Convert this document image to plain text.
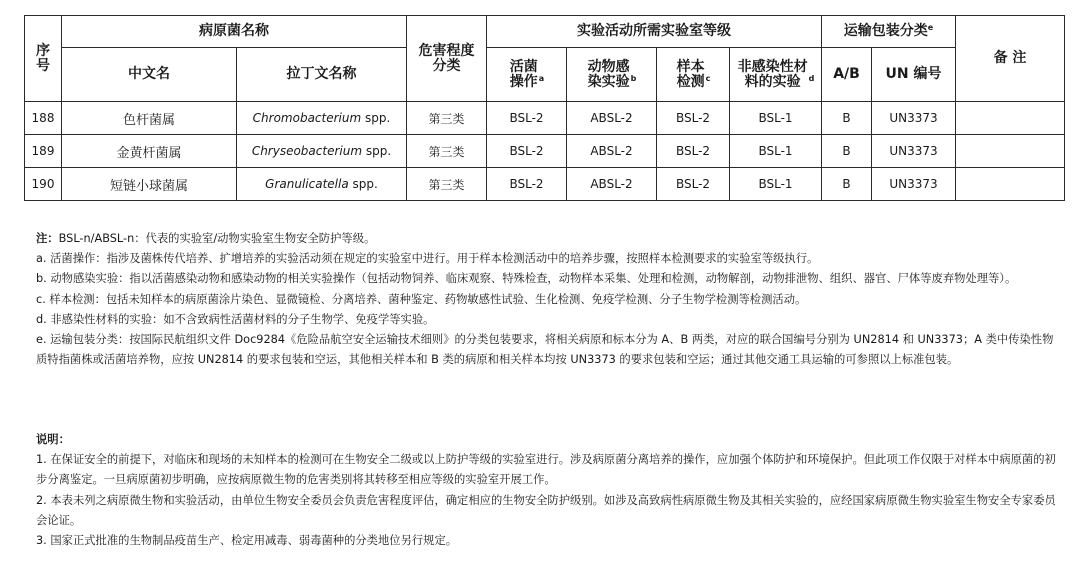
序号	病原菌名称		危害程度分类	实验活动所需实验室等级				运输包装分类$^e$		备 注
	中文名	拉丁文名称		活菌操作$^a$	动物感染实验$^b$	样本检测$^c$	非感染性材料的实验 $^d$	A/B	UN 编号	
188	色杆菌属	Chromobacterium spp.	第三类	BSL-2	ABSL-2	BSL-2	BSL-1	B	UN3373	
189	金黄杆菌属	Chryseobacterium spp.	第三类	BSL-2	ABSL-2	BSL-2	BSL-1	B	UN3373	
190	短链小球菌属	Granulicatella spp.	第三类	BSL-2	ABSL-2	BSL-2	BSL-1	B	UN3373	

注：BSL-n/ABSL-n：代表的实验室/动物实验室生物安全防护等级。

a. 活菌操作：指涉及菌株传代培养、扩增培养的实验活动须在规定的实验室中进行。用于样本检测活动中的培养步骤，按照样本检测要求的实验室等级执行。

b. 动物感染实验：指以活菌感染动物和感染动物的相关实验操作（包括动物饲养、临床观察、特殊检查，动物样本采集、处理和检测，动物解剖，动物排泄物、组织、器官、尸体等废弃物处理等）。

c. 样本检测：包括未知样本的病原菌涂片染色、显微镜检、分离培养、菌种鉴定、药物敏感性试验、生化检测、免疫学检测、分子生物学检测等检测活动。

d. 非感染性材料的实验：如不含致病性活菌材料的分子生物学、免疫学等实验。

e. 运输包装分类：按国际民航组织文件 Doc9284《危险品航空安全运输技术细则》的分类包装要求，将相关病原和标本分为 A、B 两类，对应的联合国编号分别为 UN2814 和 UN3373；A 类中传染性物质特指菌株或活菌培养物，应按 UN2814 的要求包装和空运，其他相关样本和 B 类的病原和相关样本均按 UN3373 的要求包装和空运；通过其他交通工具运输的可参照以上标准包装。

说明：

1. 在保证安全的前提下，对临床和现场的未知样本的检测可在生物安全二级或以上防护等级的实验室进行。涉及病原菌分离培养的操作，应加强个体防护和环境保护。但此项工作仅限于对样本中病原菌的初步分离鉴定。一旦病原菌初步明确，应按病原微生物的危害类别将其转移至相应等级的实验室开展工作。

2. 本表未列之病原微生物和实验活动，由单位生物安全委员会负责危害程度评估，确定相应的生物安全防护级别。如涉及高致病性病原微生物及其相关实验的，应经国家病原微生物实验室生物安全专家委员会论证。

3. 国家正式批准的生物制品疫苗生产、检定用减毒、弱毒菌种的分类地位另行规定。
